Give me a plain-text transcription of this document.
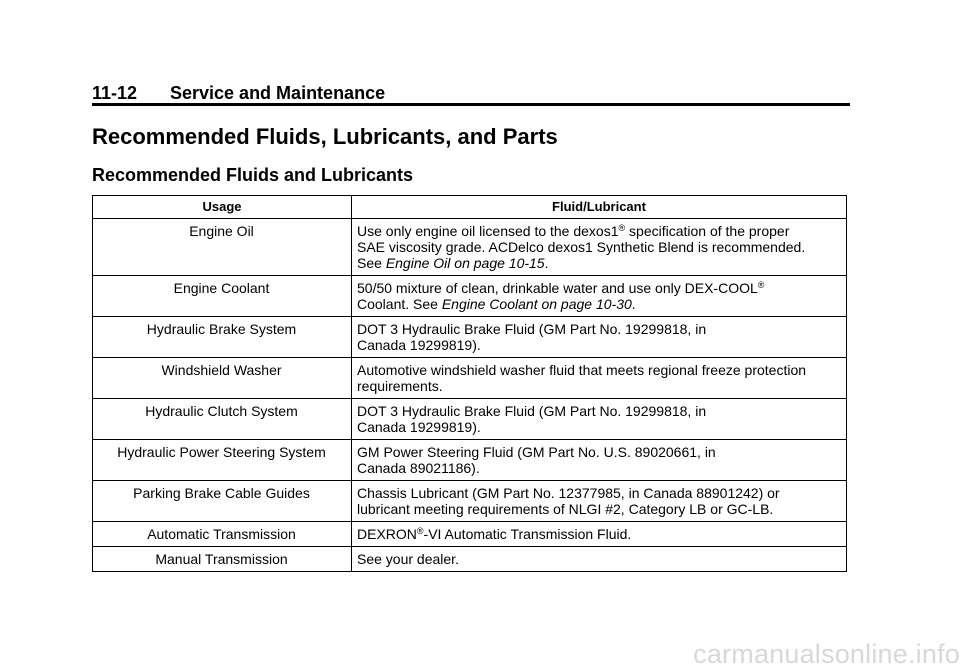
11-12 Service and Maintenance
Recommended Fluids, Lubricants, and Parts
Recommended Fluids and Lubricants
Usage	Fluid/Lubricant
Engine Oil	Use only engine oil licensed to the dexos1® specification of the proper
SAE viscosity grade. ACDelco dexos1 Synthetic Blend is recommended.
See Engine Oil on page 10-15.
Engine Coolant	50/50 mixture of clean, drinkable water and use only DEX-COOL®
Coolant. See Engine Coolant on page 10-30.
Hydraulic Brake System	DOT 3 Hydraulic Brake Fluid (GM Part No. 19299818, in
Canada 19299819).
Windshield Washer	Automotive windshield washer fluid that meets regional freeze protection
requirements.
Hydraulic Clutch System	DOT 3 Hydraulic Brake Fluid (GM Part No. 19299818, in
Canada 19299819).
Hydraulic Power Steering System	GM Power Steering Fluid (GM Part No. U.S. 89020661, in
Canada 89021186).
Parking Brake Cable Guides	Chassis Lubricant (GM Part No. 12377985, in Canada 88901242) or
lubricant meeting requirements of NLGI #2, Category LB or GC-LB.
Automatic Transmission	DEXRON®-VI Automatic Transmission Fluid.
Manual Transmission	See your dealer.
carmanualsonline.info
